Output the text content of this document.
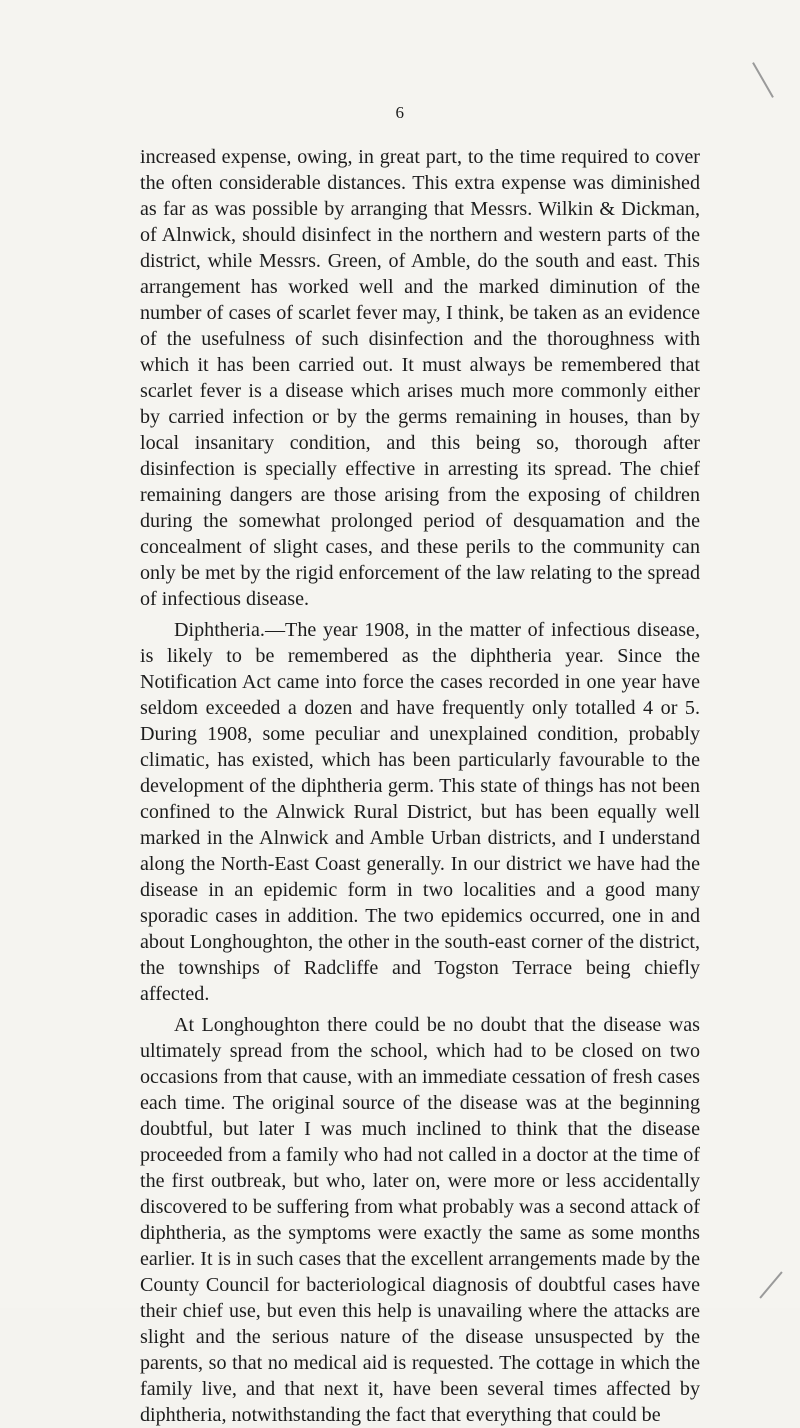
6

increased expense, owing, in great part, to the time required to cover the often considerable distances. This extra expense was diminished as far as was possible by arranging that Messrs. Wilkin & Dickman, of Alnwick, should disinfect in the northern and western parts of the district, while Messrs. Green, of Amble, do the south and east. This arrangement has worked well and the marked diminution of the number of cases of scarlet fever may, I think, be taken as an evidence of the usefulness of such disinfection and the thoroughness with which it has been carried out. It must always be remembered that scarlet fever is a disease which arises much more commonly either by carried infection or by the germs remaining in houses, than by local insanitary condition, and this being so, thorough after disinfection is specially effective in arresting its spread. The chief remaining dangers are those arising from the exposing of children during the somewhat prolonged period of desquamation and the concealment of slight cases, and these perils to the community can only be met by the rigid enforcement of the law relating to the spread of infectious disease.

Diphtheria.—The year 1908, in the matter of infectious disease, is likely to be remembered as the diphtheria year. Since the Notification Act came into force the cases recorded in one year have seldom exceeded a dozen and have frequently only totalled 4 or 5. During 1908, some peculiar and unexplained condition, probably climatic, has existed, which has been particularly favourable to the development of the diphtheria germ. This state of things has not been confined to the Alnwick Rural District, but has been equally well marked in the Alnwick and Amble Urban districts, and I understand along the North-East Coast generally. In our district we have had the disease in an epidemic form in two localities and a good many sporadic cases in addition. The two epidemics occurred, one in and about Longhoughton, the other in the south-east corner of the district, the townships of Radcliffe and Togston Terrace being chiefly affected.

At Longhoughton there could be no doubt that the disease was ultimately spread from the school, which had to be closed on two occasions from that cause, with an immediate cessation of fresh cases each time. The original source of the disease was at the beginning doubtful, but later I was much inclined to think that the disease proceeded from a family who had not called in a doctor at the time of the first outbreak, but who, later on, were more or less accidentally discovered to be suffering from what probably was a second attack of diphtheria, as the symptoms were exactly the same as some months earlier. It is in such cases that the excellent arrangements made by the County Council for bacteriological diagnosis of doubtful cases have their chief use, but even this help is unavailing where the attacks are slight and the serious nature of the disease unsuspected by the parents, so that no medical aid is requested. The cottage in which the family live, and that next it, have been several times affected by diphtheria, notwithstanding the fact that everything that could be
